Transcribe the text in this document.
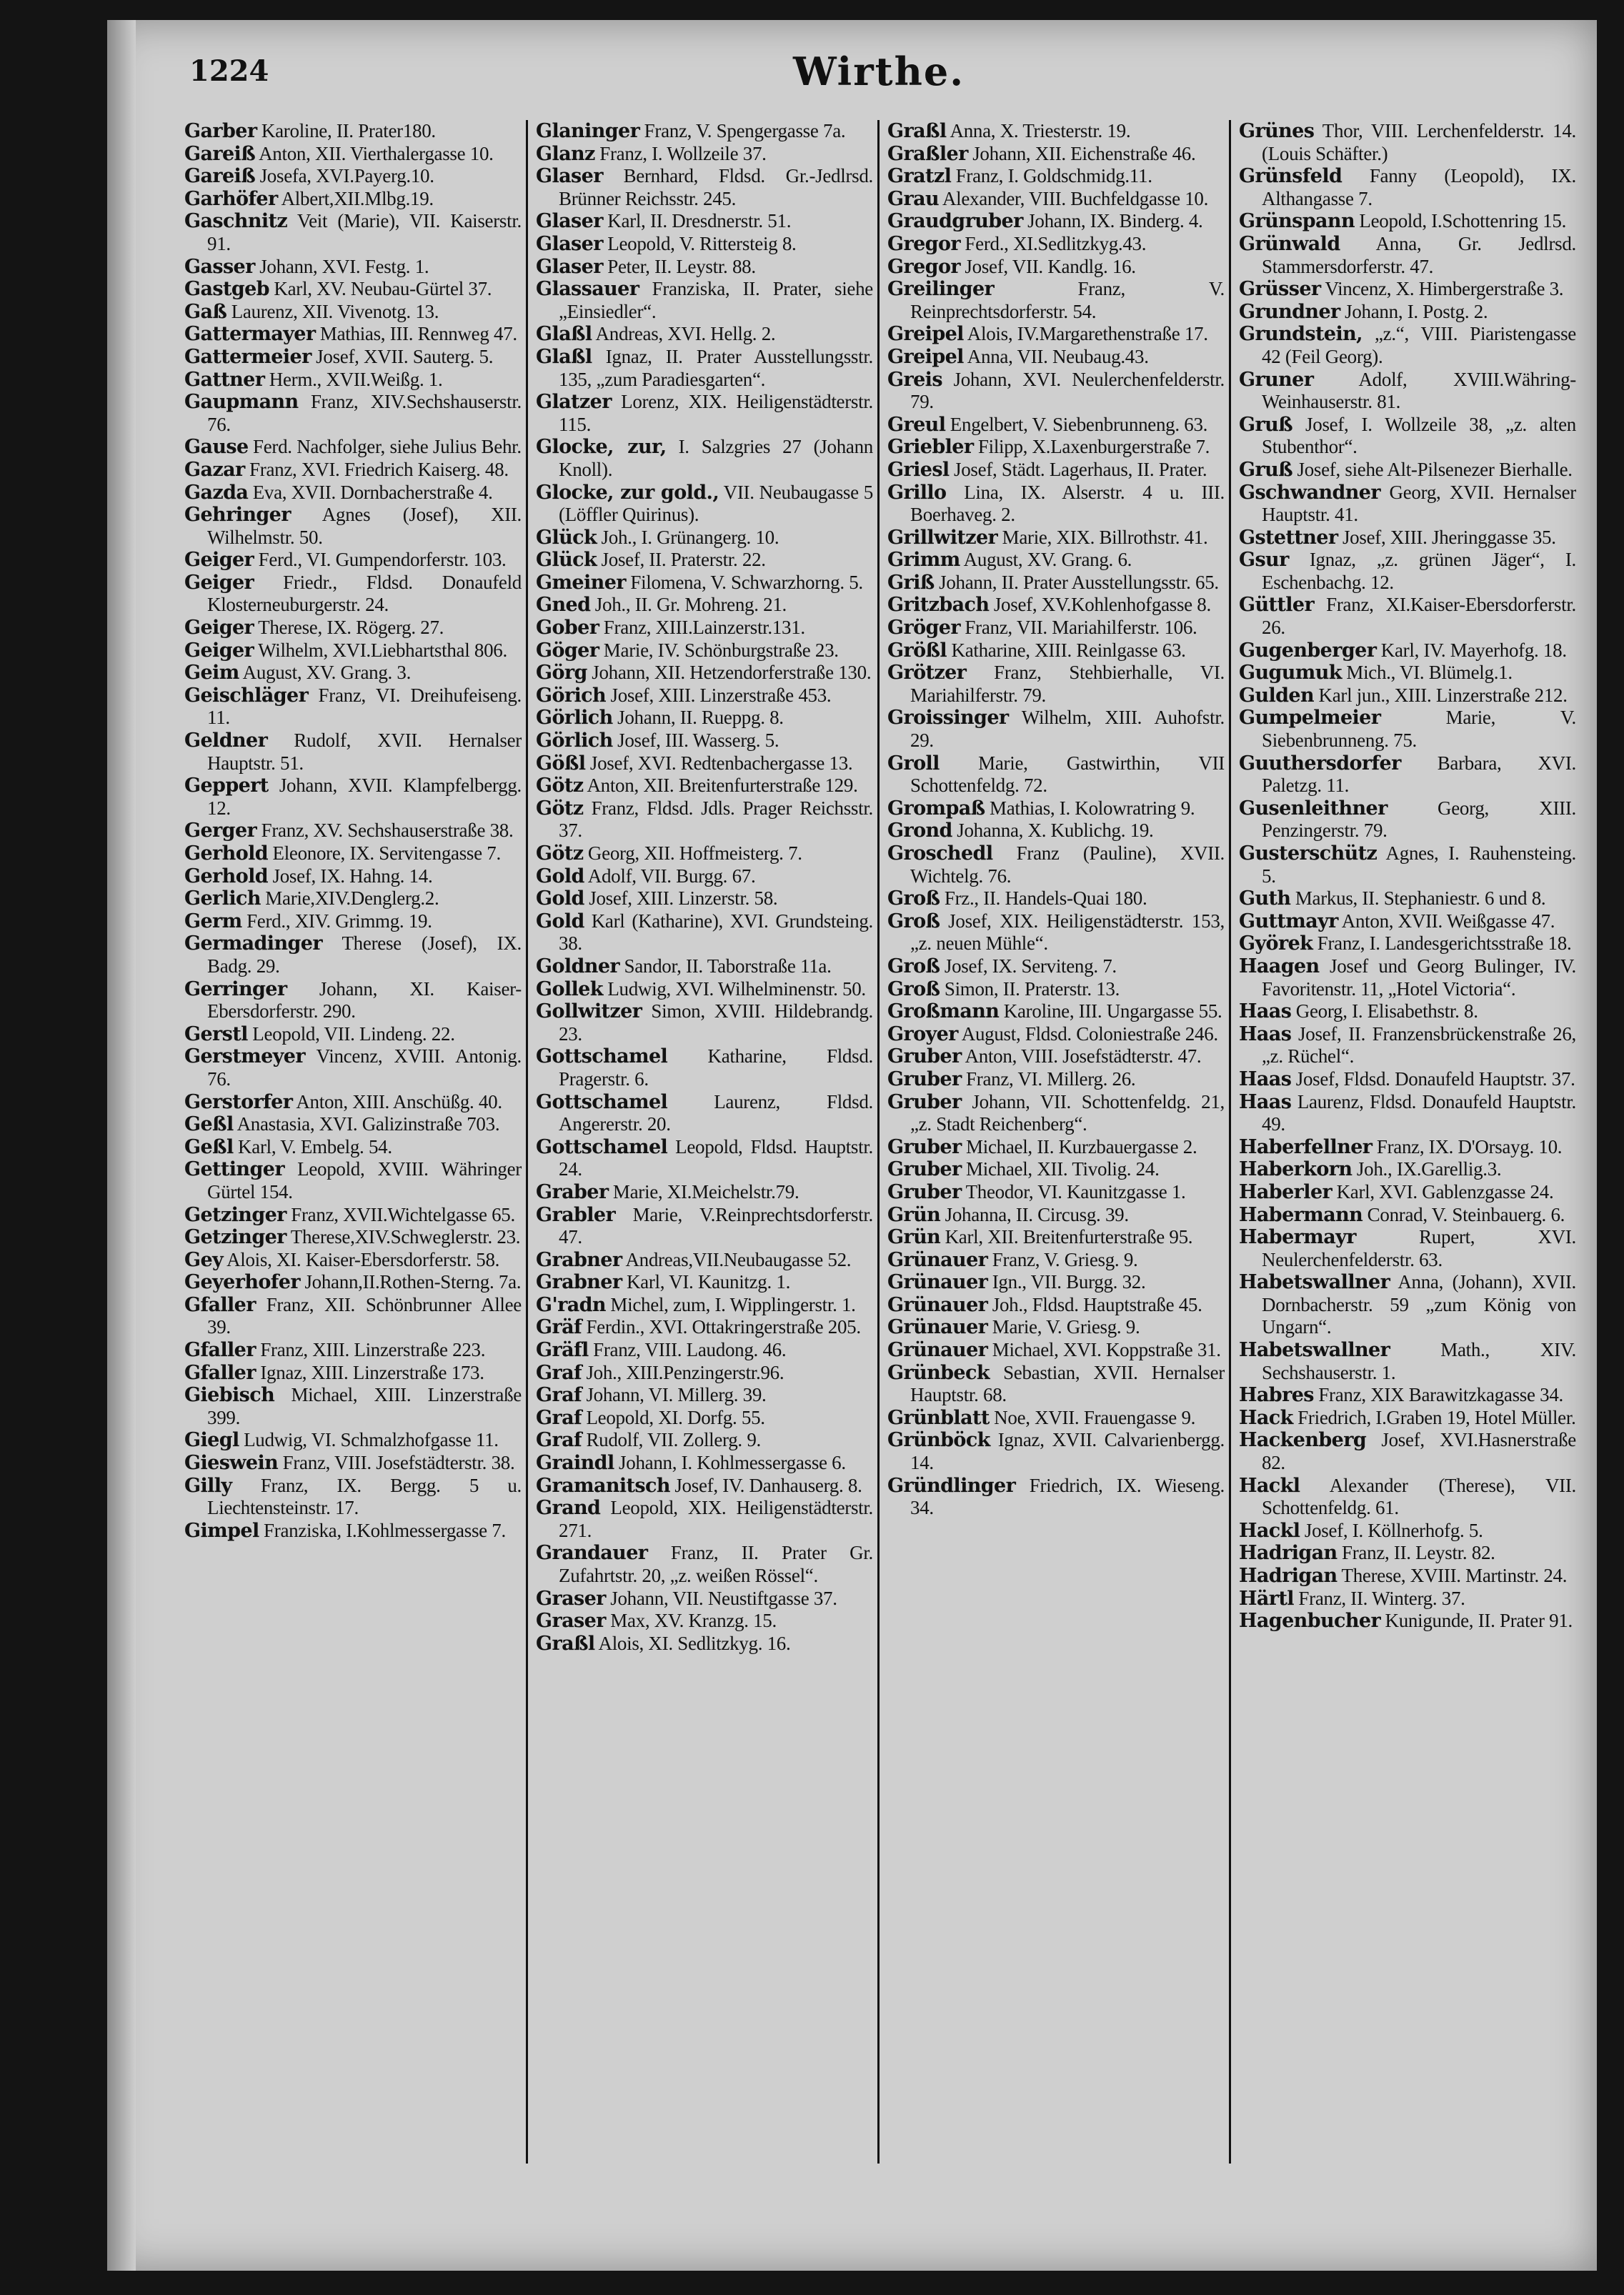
1224	Wirthe.
Garber Karoline, II. Prater180.
Gareiß Anton, XII. Vierthalergasse 10.
Gareiß Josefa, XVI.Payerg.10.
Garhöfer Albert,XII.Mlbg.19.
Gaschnitz Veit (Marie), VII. Kaiserstr. 91.
Gasser Johann, XVI. Festg. 1.
Gastgeb Karl, XV. Neubau-Gürtel 37.
Gaß Laurenz, XII. Vivenotg. 13.
Gattermayer Mathias, III. Rennweg 47.
Gattermeier Josef, XVII. Sauterg. 5.
Gattner Herm., XVII.Weißg. 1.
Gaupmann Franz, XIV.Sechshauserstr. 76.
Gause Ferd. Nachfolger, siehe Julius Behr.
Gazar Franz, XVI. Friedrich Kaiserg. 48.
Gazda Eva, XVII. Dornbacherstraße 4.
Gehringer Agnes (Josef), XII. Wilhelmstr. 50.
Geiger Ferd., VI. Gumpendorferstr. 103.
Geiger Friedr., Fldsd. Donaufeld Klosterneuburgerstr. 24.
Geiger Therese, IX. Rögerg. 27.
Geiger Wilhelm, XVI.Liebhartsthal 806.
Geim August, XV. Grang. 3.
Geischläger Franz, VI. Dreihufeiseng. 11.
Geldner Rudolf, XVII. Hernalser Hauptstr. 51.
Geppert Johann, XVII. Klampfelbergg. 12.
Gerger Franz, XV. Sechshauserstraße 38.
Gerhold Eleonore, IX. Servitengasse 7.
Gerhold Josef, IX. Hahng. 14.
Gerlich Marie,XIV.Denglerg.2.
Germ Ferd., XIV. Grimmg. 19.
Germadinger Therese (Josef), IX. Badg. 29.
Gerringer Johann, XI. Kaiser-Ebersdorferstr. 290.
Gerstl Leopold, VII. Lindeng. 22.
Gerstmeyer Vincenz, XVIII. Antonig. 76.
Gerstorfer Anton, XIII. Anschüßg. 40.
Geßl Anastasia, XVI. Galizinstraße 703.
Geßl Karl, V. Embelg. 54.
Gettinger Leopold, XVIII. Währinger Gürtel 154.
Getzinger Franz, XVII.Wichtelgasse 65.
Getzinger Therese,XIV.Schweglerstr. 23.
Gey Alois, XI. Kaiser-Ebersdorferstr. 58.
Geyerhofer Johann,II.Rothen-Sterng. 7a.
Gfaller Franz, XII. Schönbrunner Allee 39.
Gfaller Franz, XIII. Linzerstraße 223.
Gfaller Ignaz, XIII. Linzerstraße 173.
Giebisch Michael, XIII. Linzerstraße 399.
Giegl Ludwig, VI. Schmalzhofgasse 11.
Gieswein Franz, VIII. Josefstädterstr. 38.
Gilly Franz, IX. Bergg. 5 u. Liechtensteinstr. 17.
Gimpel Franziska, I.Kohlmessergasse 7.
Glaninger Franz, V. Spengergasse 7a.
Glanz Franz, I. Wollzeile 37.
Glaser Bernhard, Fldsd. Gr.-Jedlrsd. Brünner Reichsstr. 245.
Glaser Karl, II. Dresdnerstr. 51.
Glaser Leopold, V. Rittersteig 8.
Glaser Peter, II. Leystr. 88.
Glassauer Franziska, II. Prater, siehe „Einsiedler“.
Glaßl Andreas, XVI. Hellg. 2.
Glaßl Ignaz, II. Prater Ausstellungsstr. 135, „zum Paradiesgarten“.
Glatzer Lorenz, XIX. Heiligenstädterstr. 115.
Glocke, zur, I. Salzgries 27 (Johann Knoll).
Glocke, zur gold., VII. Neubaugasse 5 (Löffler Quirinus).
Glück Joh., I. Grünangerg. 10.
Glück Josef, II. Praterstr. 22.
Gmeiner Filomena, V. Schwarzhorng. 5.
Gned Joh., II. Gr. Mohreng. 21.
Gober Franz, XIII.Lainzerstr.131.
Göger Marie, IV. Schönburgstraße 23.
Görg Johann, XII. Hetzendorferstraße 130.
Görich Josef, XIII. Linzerstraße 453.
Görlich Johann, II. Rueppg. 8.
Görlich Josef, III. Wasserg. 5.
Gößl Josef, XVI. Redtenbachergasse 13.
Götz Anton, XII. Breitenfurterstraße 129.
Götz Franz, Fldsd. Jdls. Prager Reichsstr. 37.
Götz Georg, XII. Hoffmeisterg. 7.
Gold Adolf, VII. Burgg. 67.
Gold Josef, XIII. Linzerstr. 58.
Gold Karl (Katharine), XVI. Grundsteing. 38.
Goldner Sandor, II. Taborstraße 11a.
Gollek Ludwig, XVI. Wilhelminenstr. 50.
Gollwitzer Simon, XVIII. Hildebrandg. 23.
Gottschamel Katharine, Fldsd. Pragerstr. 6.
Gottschamel Laurenz, Fldsd. Angererstr. 20.
Gottschamel Leopold, Fldsd. Hauptstr. 24.
Graber Marie, XI.Meichelstr.79.
Grabler Marie, V.Reinprechtsdorferstr. 47.
Grabner Andreas,VII.Neubaugasse 52.
Grabner Karl, VI. Kaunitzg. 1.
G'radn Michel, zum, I. Wipplingerstr. 1.
Gräf Ferdin., XVI. Ottakringerstraße 205.
Gräfl Franz, VIII. Laudong. 46.
Graf Joh., XIII.Penzingerstr.96.
Graf Johann, VI. Millerg. 39.
Graf Leopold, XI. Dorfg. 55.
Graf Rudolf, VII. Zollerg. 9.
Graindl Johann, I. Kohlmessergasse 6.
Gramanitsch Josef, IV. Danhauserg. 8.
Grand Leopold, XIX. Heiligenstädterstr. 271.
Grandauer Franz, II. Prater Gr. Zufahrtstr. 20, „z. weißen Rössel“.
Graser Johann, VII. Neustiftgasse 37.
Graser Max, XV. Kranzg. 15.
Graßl Alois, XI. Sedlitzkyg. 16.
Graßl Anna, X. Triesterstr. 19.
Graßler Johann, XII. Eichenstraße 46.
Gratzl Franz, I. Goldschmidg.11.
Grau Alexander, VIII. Buchfeldgasse 10.
Graudgruber Johann, IX. Binderg. 4.
Gregor Ferd., XI.Sedlitzkyg.43.
Gregor Josef, VII. Kandlg. 16.
Greilinger Franz, V. Reinprechtsdorferstr. 54.
Greipel Alois, IV.Margarethenstraße 17.
Greipel Anna, VII. Neubaug.43.
Greis Johann, XVI. Neulerchenfelderstr. 79.
Greul Engelbert, V. Siebenbrunneng. 63.
Griebler Filipp, X.Laxenburgerstraße 7.
Griesl Josef, Städt. Lagerhaus, II. Prater.
Grillo Lina, IX. Alserstr. 4 u. III. Boerhaveg. 2.
Grillwitzer Marie, XIX. Billrothstr. 41.
Grimm August, XV. Grang. 6.
Griß Johann, II. Prater Ausstellungsstr. 65.
Gritzbach Josef, XV.Kohlenhofgasse 8.
Gröger Franz, VII. Mariahilferstr. 106.
Größl Katharine, XIII. Reinlgasse 63.
Grötzer Franz, Stehbierhalle, VI. Mariahilferstr. 79.
Groissinger Wilhelm, XIII. Auhofstr. 29.
Groll Marie, Gastwirthin, VII Schottenfeldg. 72.
Grompaß Mathias, I. Kolowratring 9.
Grond Johanna, X. Kublichg. 19.
Groschedl Franz (Pauline), XVII. Wichtelg. 76.
Groß Frz., II. Handels-Quai 180.
Groß Josef, XIX. Heiligenstädterstr. 153, „z. neuen Mühle“.
Groß Josef, IX. Serviteng. 7.
Groß Simon, II. Praterstr. 13.
Großmann Karoline, III. Ungargasse 55.
Groyer August, Fldsd. Coloniestraße 246.
Gruber Anton, VIII. Josefstädterstr. 47.
Gruber Franz, VI. Millerg. 26.
Gruber Johann, VII. Schottenfeldg. 21, „z. Stadt Reichenberg“.
Gruber Michael, II. Kurzbauergasse 2.
Gruber Michael, XII. Tivolig. 24.
Gruber Theodor, VI. Kaunitzgasse 1.
Grün Johanna, II. Circusg. 39.
Grün Karl, XII. Breitenfurterstraße 95.
Grünauer Franz, V. Griesg. 9.
Grünauer Ign., VII. Burgg. 32.
Grünauer Joh., Fldsd. Hauptstraße 45.
Grünauer Marie, V. Griesg. 9.
Grünauer Michael, XVI. Koppstraße 31.
Grünbeck Sebastian, XVII. Hernalser Hauptstr. 68.
Grünblatt Noe, XVII. Frauengasse 9.
Grünböck Ignaz, XVII. Calvarienbergg. 14.
Gründlinger Friedrich, IX. Wieseng. 34.
Grünes Thor, VIII. Lerchenfelderstr. 14. (Louis Schäfter.)
Grünsfeld Fanny (Leopold), IX. Althangasse 7.
Grünspann Leopold, I.Schottenring 15.
Grünwald Anna, Gr. Jedlrsd. Stammersdorferstr. 47.
Grüsser Vincenz, X. Himbergerstraße 3.
Grundner Johann, I. Postg. 2.
Grundstein, „z.“, VIII. Piaristengasse 42 (Feil Georg).
Gruner Adolf, XVIII.Währing-Weinhauserstr. 81.
Gruß Josef, I. Wollzeile 38, „z. alten Stubenthor“.
Gruß Josef, siehe Alt-Pilsenezer Bierhalle.
Gschwandner Georg, XVII. Hernalser Hauptstr. 41.
Gstettner Josef, XIII. Jheringgasse 35.
Gsur Ignaz, „z. grünen Jäger“, I. Eschenbachg. 12.
Güttler Franz, XI.Kaiser-Ebersdorferstr. 26.
Gugenberger Karl, IV. Mayerhofg. 18.
Gugumuk Mich., VI. Blümelg.1.
Gulden Karl jun., XIII. Linzerstraße 212.
Gumpelmeier Marie, V. Siebenbrunneng. 75.
Guuthersdorfer Barbara, XVI. Paletzg. 11.
Gusenleithner Georg, XIII. Penzingerstr. 79.
Gusterschütz Agnes, I. Rauhensteing. 5.
Guth Markus, II. Stephaniestr. 6 und 8.
Guttmayr Anton, XVII. Weißgasse 47.
Györek Franz, I. Landesgerichtsstraße 18.
Haagen Josef und Georg Bulinger, IV. Favoritenstr. 11, „Hotel Victoria“.
Haas Georg, I. Elisabethstr. 8.
Haas Josef, II. Franzensbrückenstraße 26, „z. Rüchel“.
Haas Josef, Fldsd. Donaufeld Hauptstr. 37.
Haas Laurenz, Fldsd. Donaufeld Hauptstr. 49.
Haberfellner Franz, IX. D'Orsayg. 10.
Haberkorn Joh., IX.Garellig.3.
Haberler Karl, XVI. Gablenzgasse 24.
Habermann Conrad, V. Steinbauerg. 6.
Habermayr Rupert, XVI. Neulerchenfelderstr. 63.
Habetswallner Anna, (Johann), XVII. Dornbacherstr. 59 „zum König von Ungarn“.
Habetswallner Math., XIV. Sechshauserstr. 1.
Habres Franz, XIX Barawitzkagasse 34.
Hack Friedrich, I.Graben 19, Hotel Müller.
Hackenberg Josef, XVI.Hasnerstraße 82.
Hackl Alexander (Therese), VII. Schottenfeldg. 61.
Hackl Josef, I. Köllnerhofg. 5.
Hadrigan Franz, II. Leystr. 82.
Hadrigan Therese, XVIII. Martinstr. 24.
Härtl Franz, II. Winterg. 37.
Hagenbucher Kunigunde, II. Prater 91.
